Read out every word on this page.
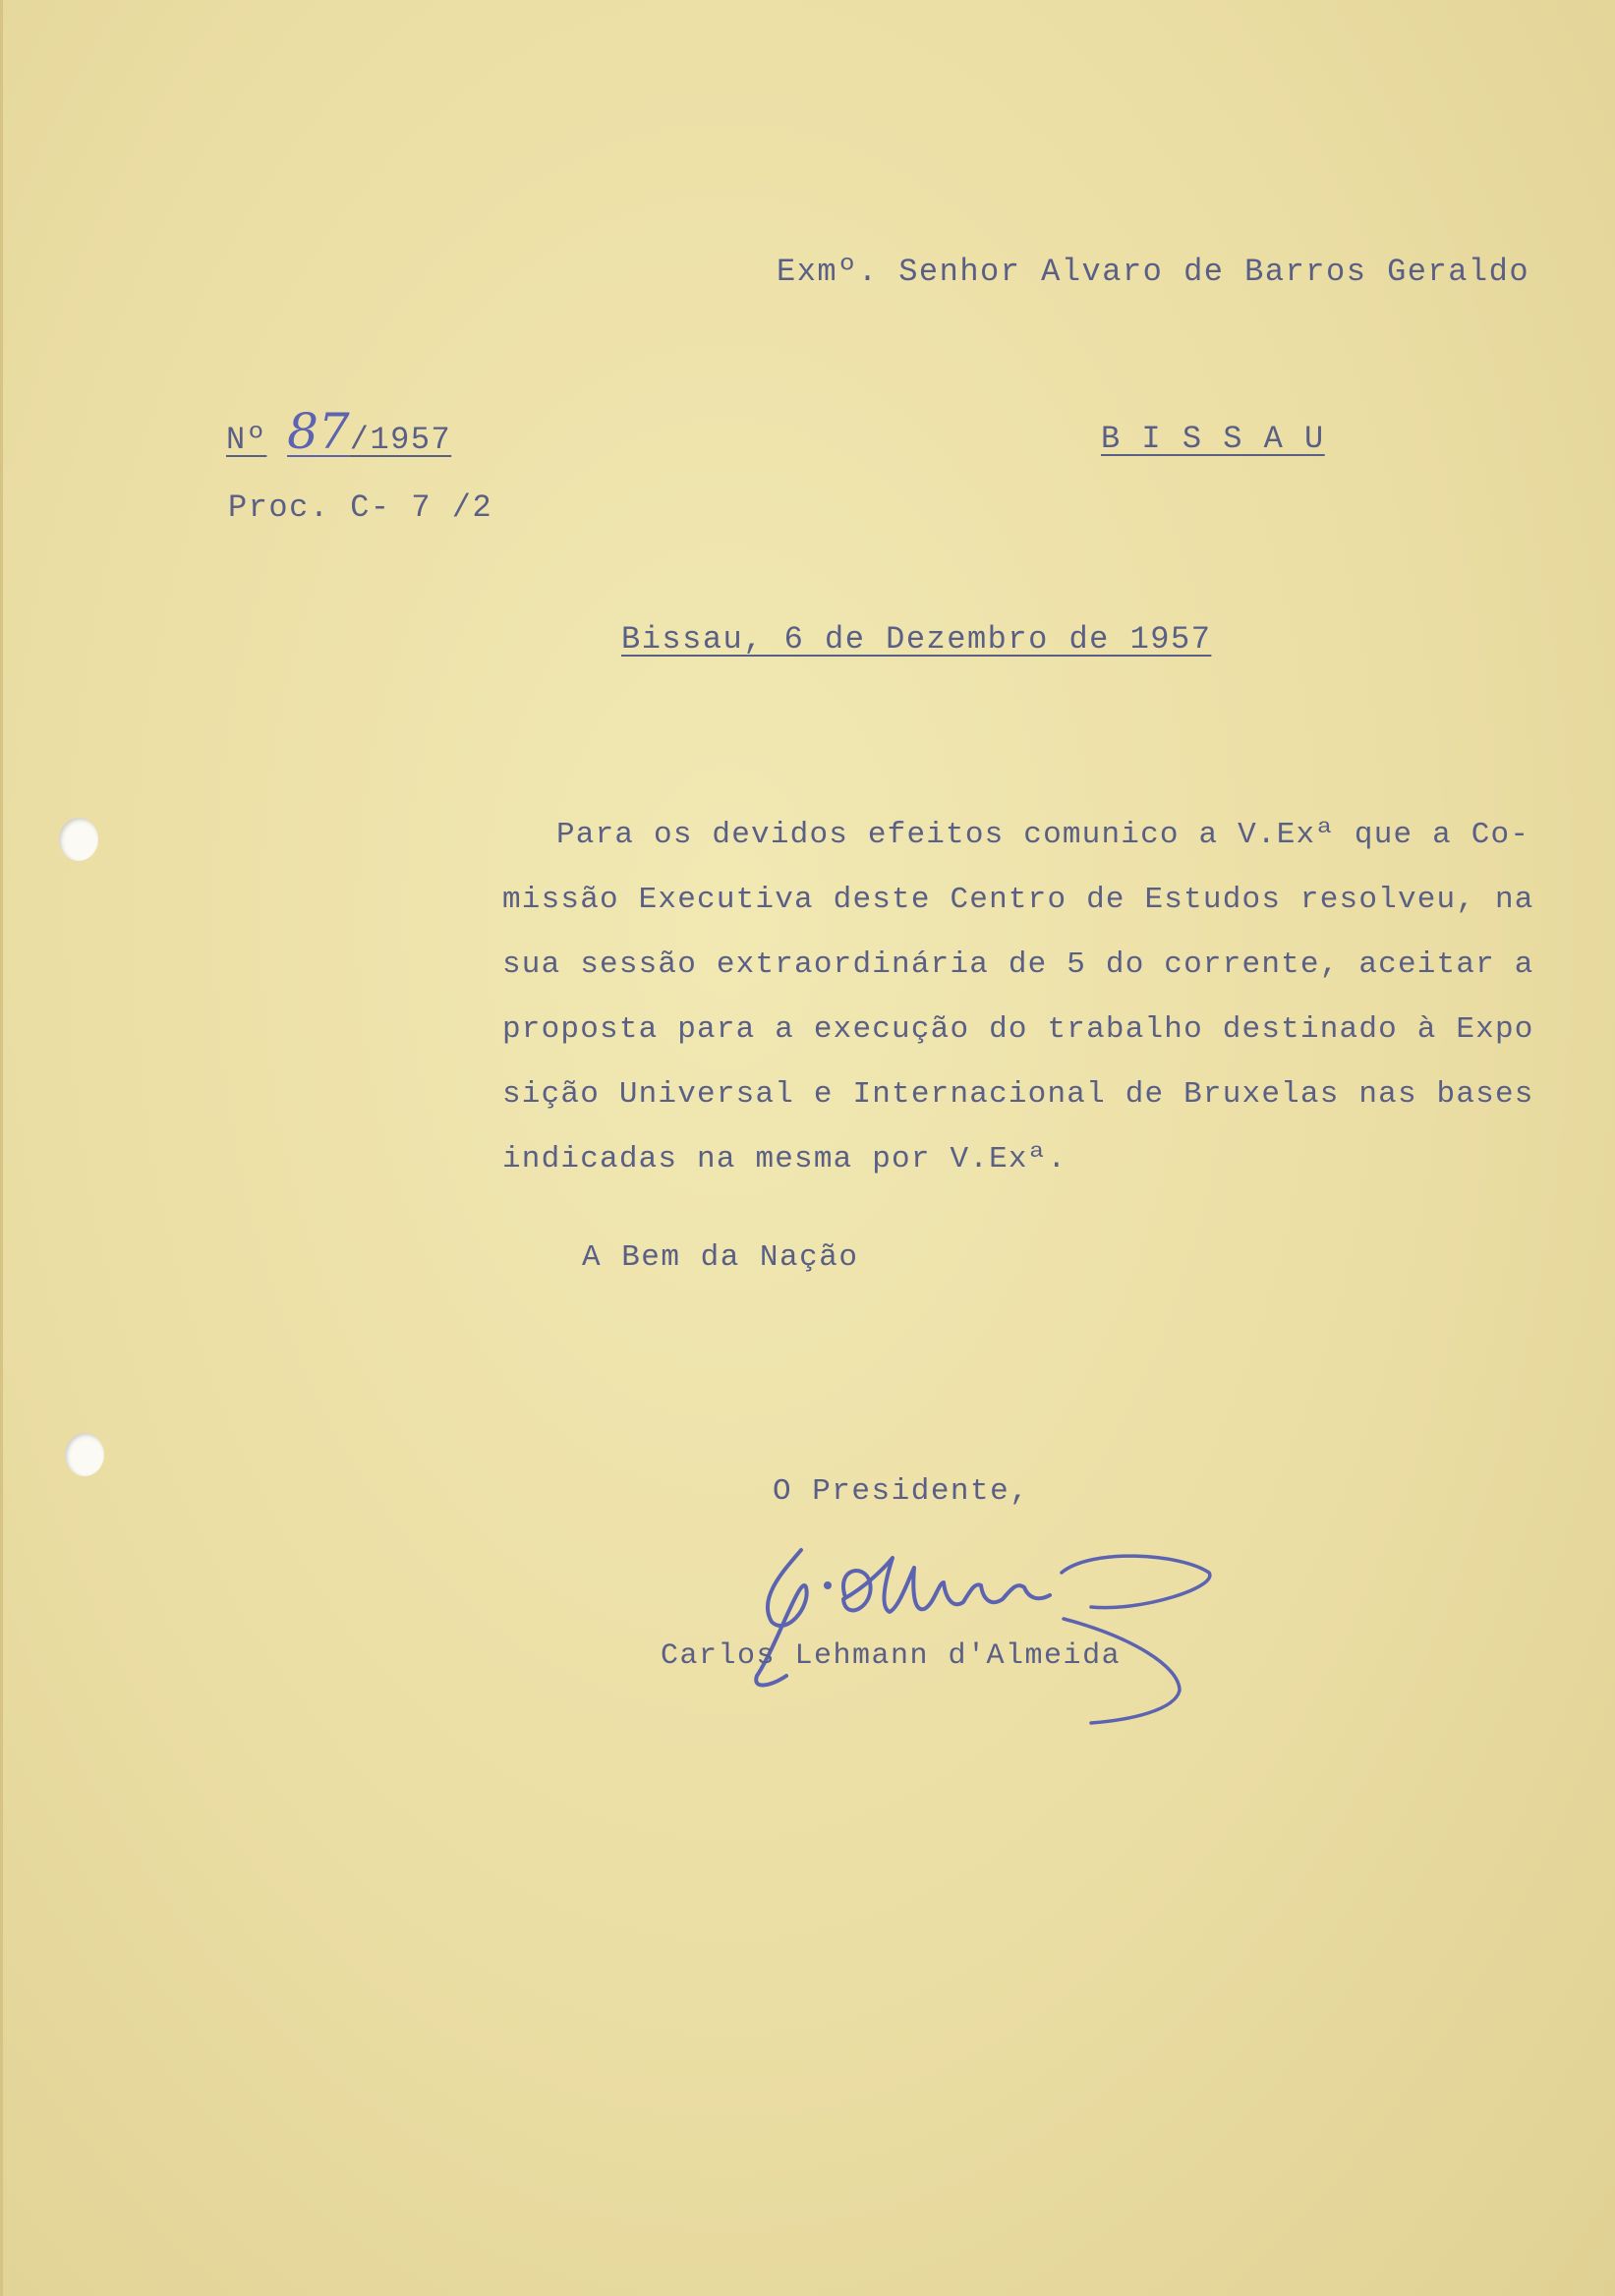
Exmº. Senhor Alvaro de Barros Geraldo

Nº 87/1957	B I S S A U

Proc. C- 7 /2

Bissau, 6 de Dezembro de 1957

Para os devidos efeitos comunico a V.Exª que a Co-

missão Executiva deste Centro de Estudos resolveu, na

sua sessão extraordinária de 5 do corrente, aceitar a

proposta para a execução do trabalho destinado à Expo

sição Universal e Internacional de Bruxelas nas bases

indicadas na mesma por V.Exª.

A Bem da Nação

O Presidente,

Carlos Lehmann d'Almeida
